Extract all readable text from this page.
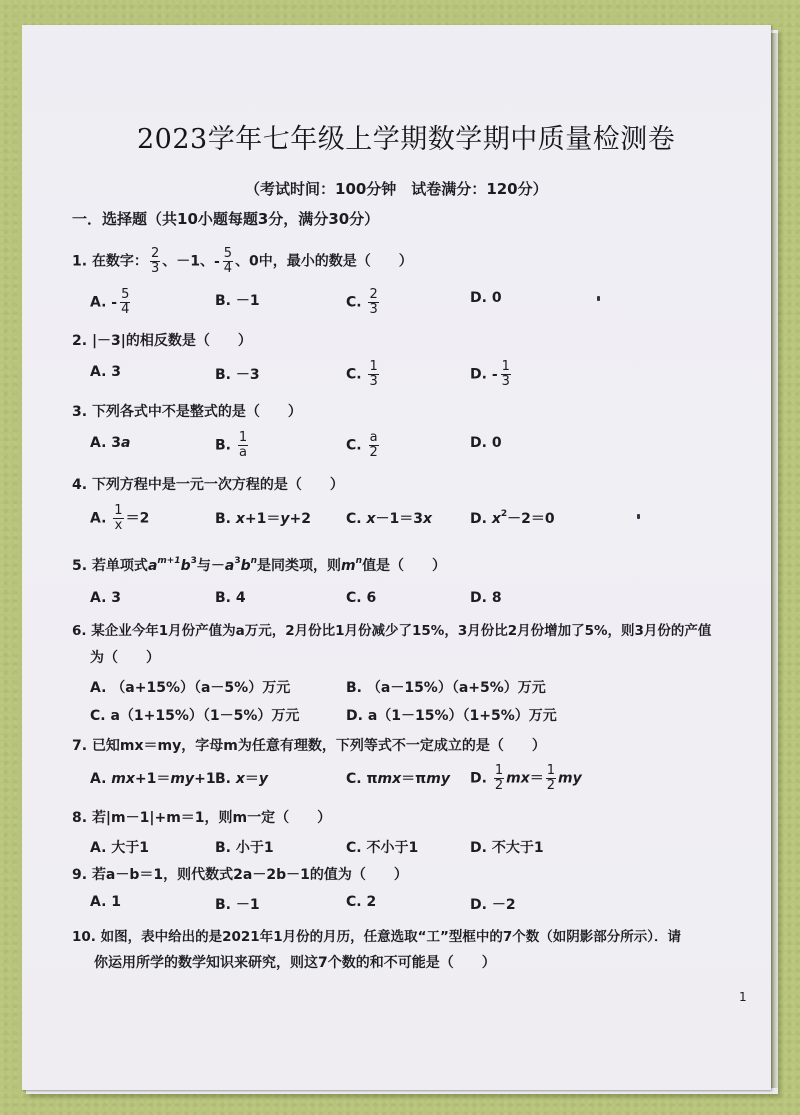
2023学年七年级上学期数学期中质量检测卷
（考试时间：100分钟　试卷满分：120分）
一．选择题（共10小题每题3分，满分30分）
1. 在数字： $\frac{2}{3}$ 、－1、- $\frac{5}{4}$ 、0中，最小的数是（　　）
A. - $\frac{5}{4}$	B. －1	C. $\frac{2}{3}$	D. 0
2. |－3|的相反数是（　　）
A. 3	B. －3	C. $\frac{1}{3}$	D. - $\frac{1}{3}$
3. 下列各式中不是整式的是（　　）
A. 3a	B. $\frac{1}{a}$	C. $\frac{a}{2}$	D. 0
4. 下列方程中是一元一次方程的是（　　）
A. $\frac{1}{x} =2$	B. x+1＝y+2 C. x－1＝3x	D. $x^2-2=0$
5. 若单项式$a^{m+1}b^3$与$-a^3b^n$是同类项，则$m^n$值是（　　）
A. 3	B. 4	C. 6	D. 8
6. 某企业今年1月份产值为a万元，2月份比1月份减少了15%，3月份比2月份增加了5%，则3月份的产值
为（　　）
A. （a+15%）（a－5%）万元	B. （a－15%）（a+5%）万元
C. a（1+15%）（1－5%）万元	D. a（1－15%）（1+5%）万元
7. 已知mx＝my，字母m为任意有理数，下列等式不一定成立的是（　　）
A. mx+1＝my+1 B. x＝y	C. πmx＝πmy D. $\frac{1}{2} mx= \frac{1}{2}$ my
8. 若|m－1|+m＝1，则m一定（　　）
A. 大于1	B. 小于1	C. 不小于1	D. 不大于1
9. 若a－b＝1，则代数式2a－2b－1的值为（　　）
A. 1	B. －1	C. 2	D. －2
10. 如图，表中给出的是2021年1月份的月历，任意选取“工”型框中的7个数（如阴影部分所示）．请
你运用所学的数学知识来研究，则这7个数的和不可能是（　　）
1
